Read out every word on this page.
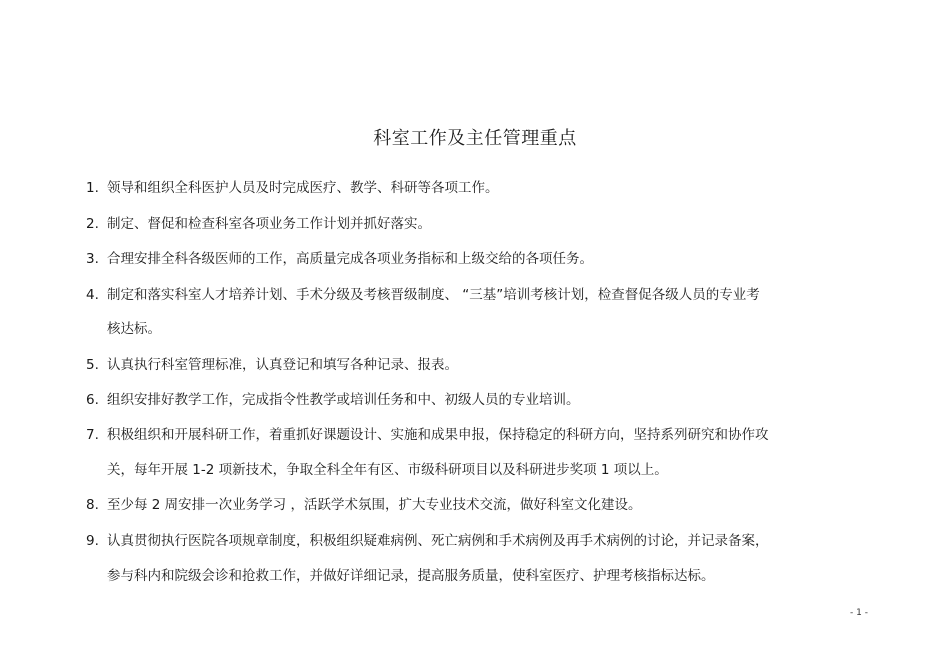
科室工作及主任管理重点
1. 领导和组织全科医护人员及时完成医疗、教学、科研等各项工作。
2. 制定、督促和检查科室各项业务工作计划并抓好落实。
3. 合理安排全科各级医师的工作，高质量完成各项业务指标和上级交给的各项任务。
4. 制定和落实科室人才培养计划、手术分级及考核晋级制度、 “三基”培训考核计划，检查督促各级人员的专业考
核达标。
5. 认真执行科室管理标准，认真登记和填写各种记录、报表。
6. 组织安排好教学工作，完成指令性教学或培训任务和中、初级人员的专业培训。
7. 积极组织和开展科研工作，着重抓好课题设计、实施和成果申报，保持稳定的科研方向，坚持系列研究和协作攻
关，每年开展 1-2 项新技术，争取全科全年有区、市级科研项目以及科研进步奖项 1 项以上。
8. 至少每 2 周安排一次业务学习 ，活跃学术氛围，扩大专业技术交流，做好科室文化建设。
9. 认真贯彻执行医院各项规章制度，积极组织疑难病例、死亡病例和手术病例及再手术病例的讨论，并记录备案，
参与科内和院级会诊和抢救工作，并做好详细记录，提高服务质量，使科室医疗、护理考核指标达标。
- 1 -
